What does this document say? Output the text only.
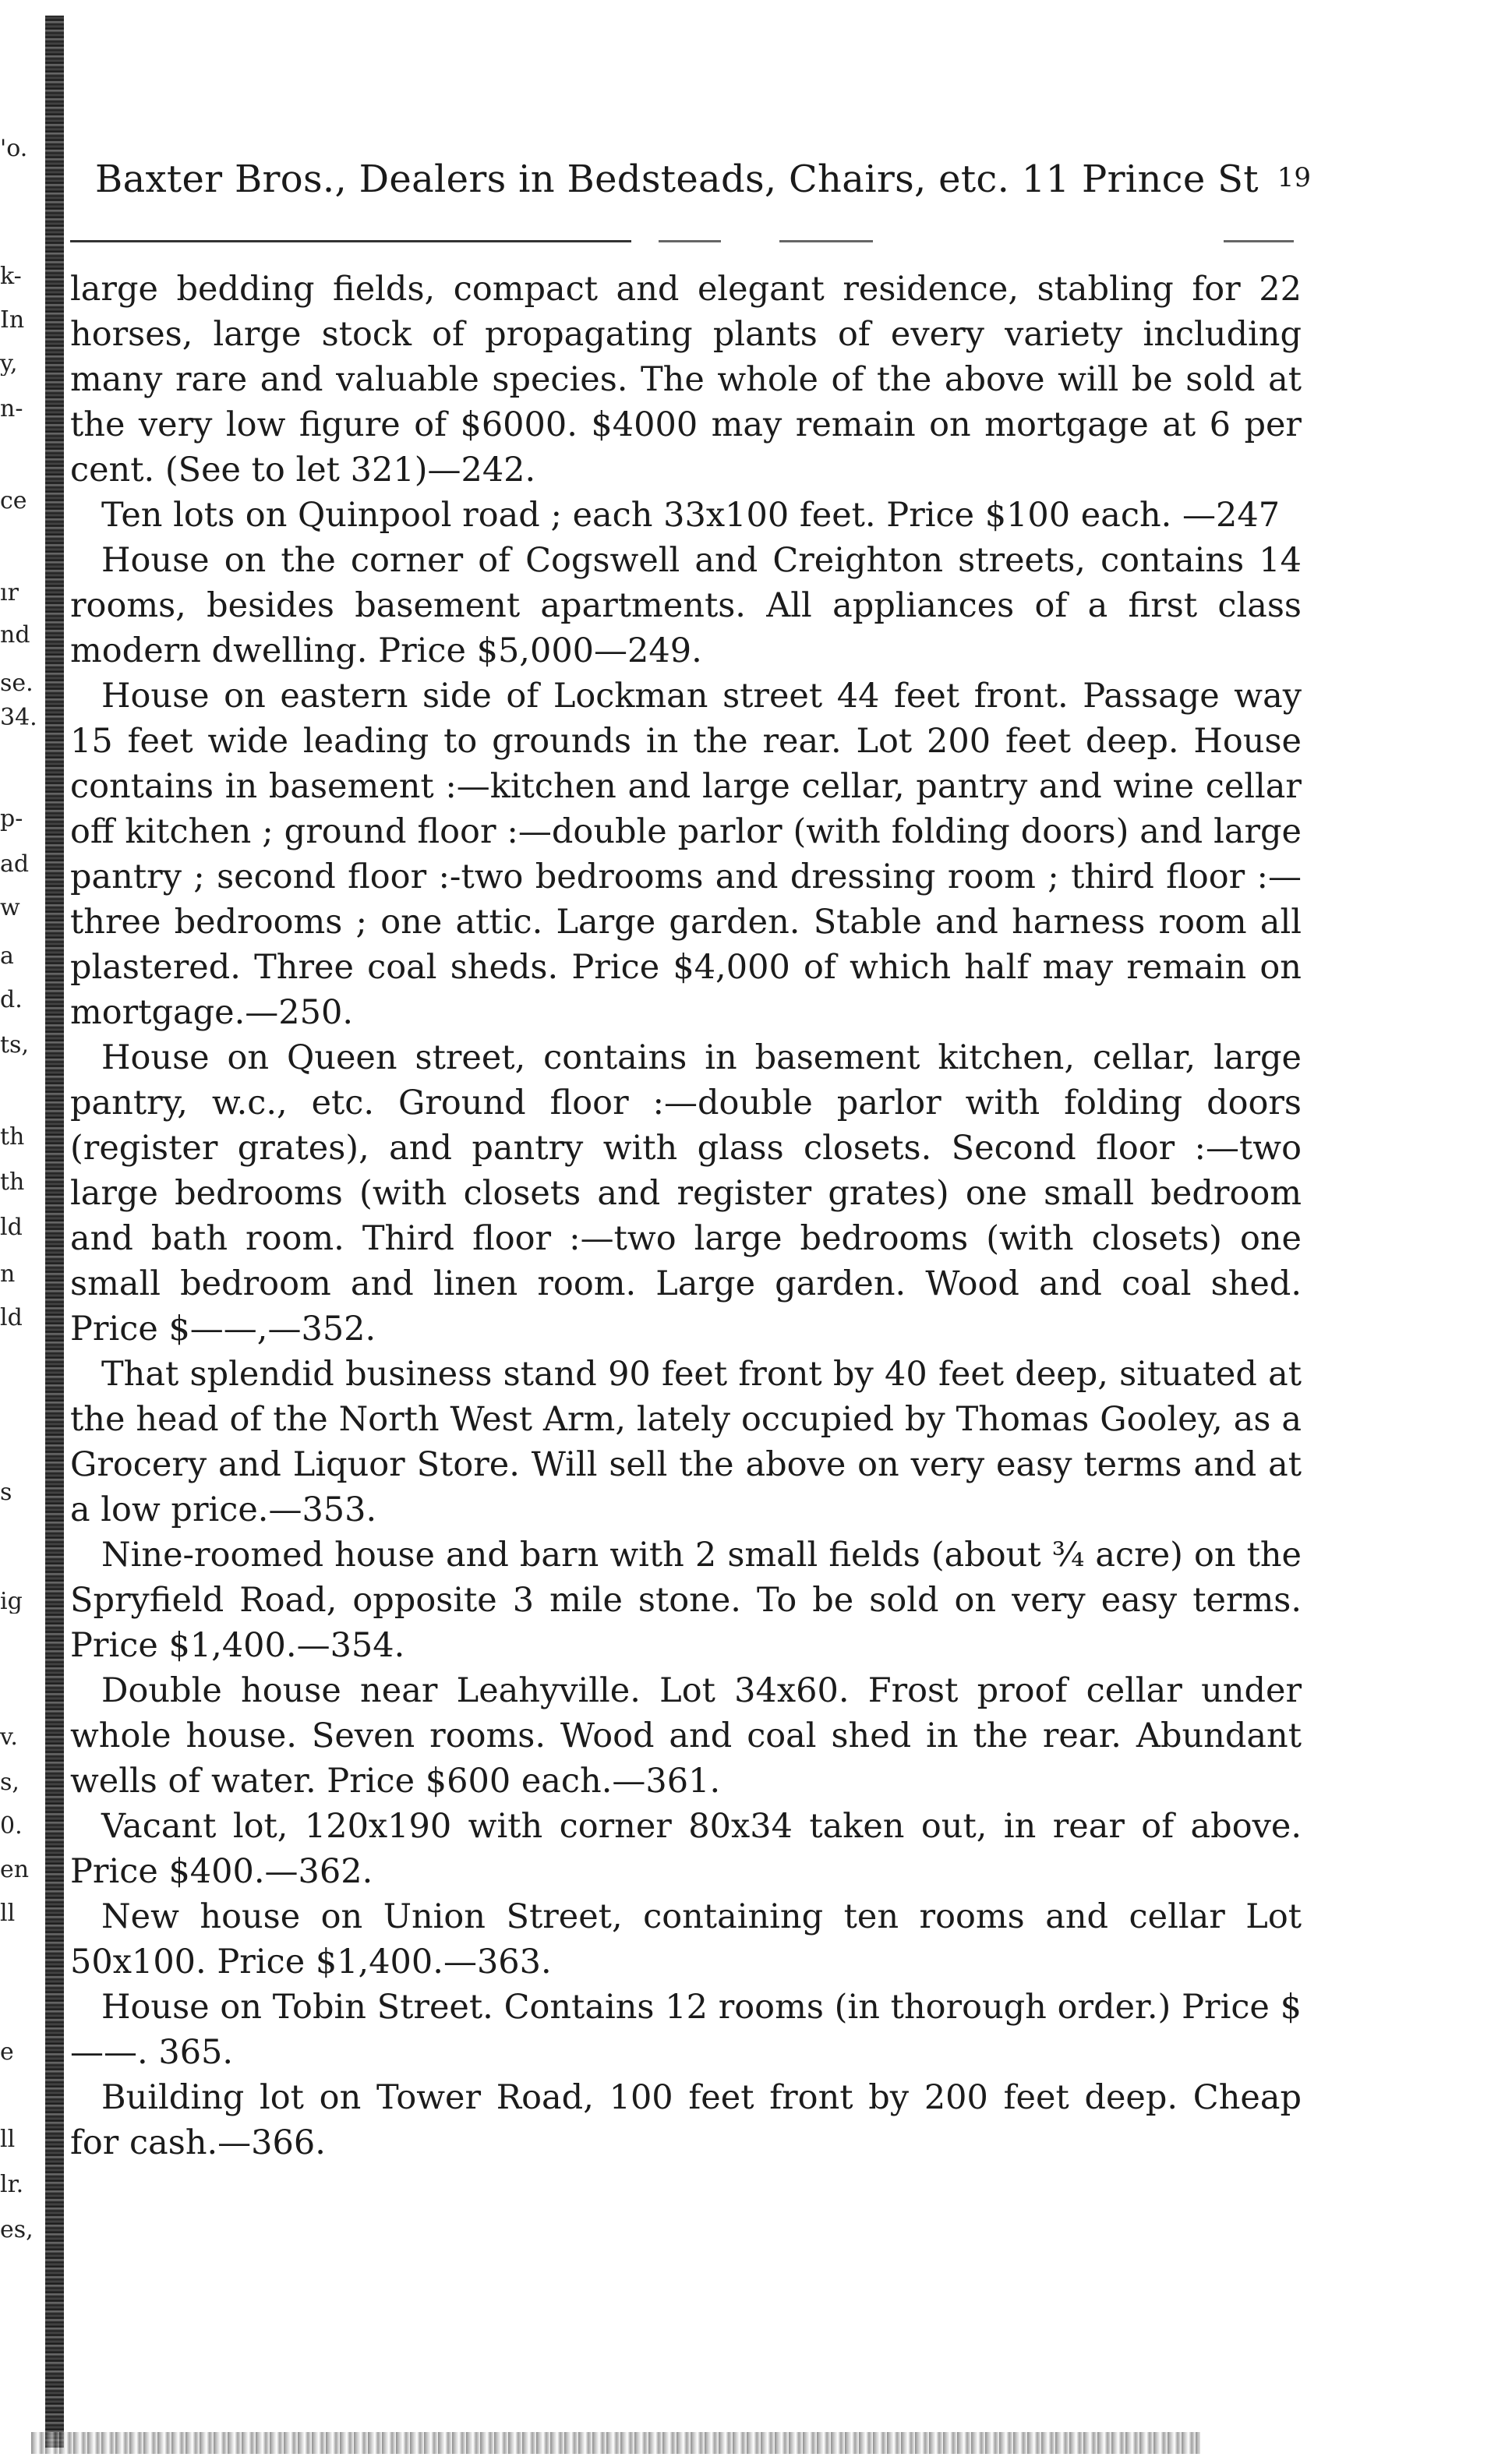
'o.
k-
In
y,
n-
ce
ır
nd
se.
34.
p-
ad
w
a
d.
ts,
th
th
ld
n
ld
s
ig
v.
s,
0.
en
ll
e
ll
lr.
es,
Baxter Bros., Dealers in Bedsteads, Chairs, etc. 11 Prince St 19

large bedding fields, compact and elegant residence, stabling for 22 horses, large stock of propagating plants of every variety including many rare and valuable species. The whole of the above will be sold at the very low figure of $6000. $4000 may remain on mortgage at 6 per cent. (See to let 321)—242.

Ten lots on Quinpool road ; each 33x100 feet. Price $100 each. —247

House on the corner of Cogswell and Creighton streets, contains 14 rooms, besides basement apartments. All appliances of a first class modern dwelling. Price $5,000—249.

House on eastern side of Lockman street 44 feet front. Passage way 15 feet wide leading to grounds in the rear. Lot 200 feet deep. House contains in basement :—kitchen and large cellar, pantry and wine cellar off kitchen ; ground floor :—double parlor (with folding doors) and large pantry ; second floor :-two bedrooms and dressing room ; third floor :—three bedrooms ; one attic. Large garden. Stable and harness room all plastered. Three coal sheds. Price $4,000 of which half may remain on mortgage.—250.

House on Queen street, contains in basement kitchen, cellar, large pantry, w.c., etc. Ground floor :—double parlor with folding doors (register grates), and pantry with glass closets. Second floor :—two large bedrooms (with closets and register grates) one small bedroom and bath room. Third floor :—two large bedrooms (with closets) one small bedroom and linen room. Large garden. Wood and coal shed. Price $——,—352.

That splendid business stand 90 feet front by 40 feet deep, situated at the head of the North West Arm, lately occupied by Thomas Gooley, as a Grocery and Liquor Store. Will sell the above on very easy terms and at a low price.—353.

Nine-roomed house and barn with 2 small fields (about ¾ acre) on the Spryfield Road, opposite 3 mile stone. To be sold on very easy terms. Price $1,400.—354.

Double house near Leahyville. Lot 34x60. Frost proof cellar under whole house. Seven rooms. Wood and coal shed in the rear. Abundant wells of water. Price $600 each.—361.

Vacant lot, 120x190 with corner 80x34 taken out, in rear of above. Price $400.—362.

New house on Union Street, containing ten rooms and cellar Lot 50x100. Price $1,400.—363.

House on Tobin Street. Contains 12 rooms (in thorough order.) Price $——. 365.

Building lot on Tower Road, 100 feet front by 200 feet deep. Cheap for cash.—366.
